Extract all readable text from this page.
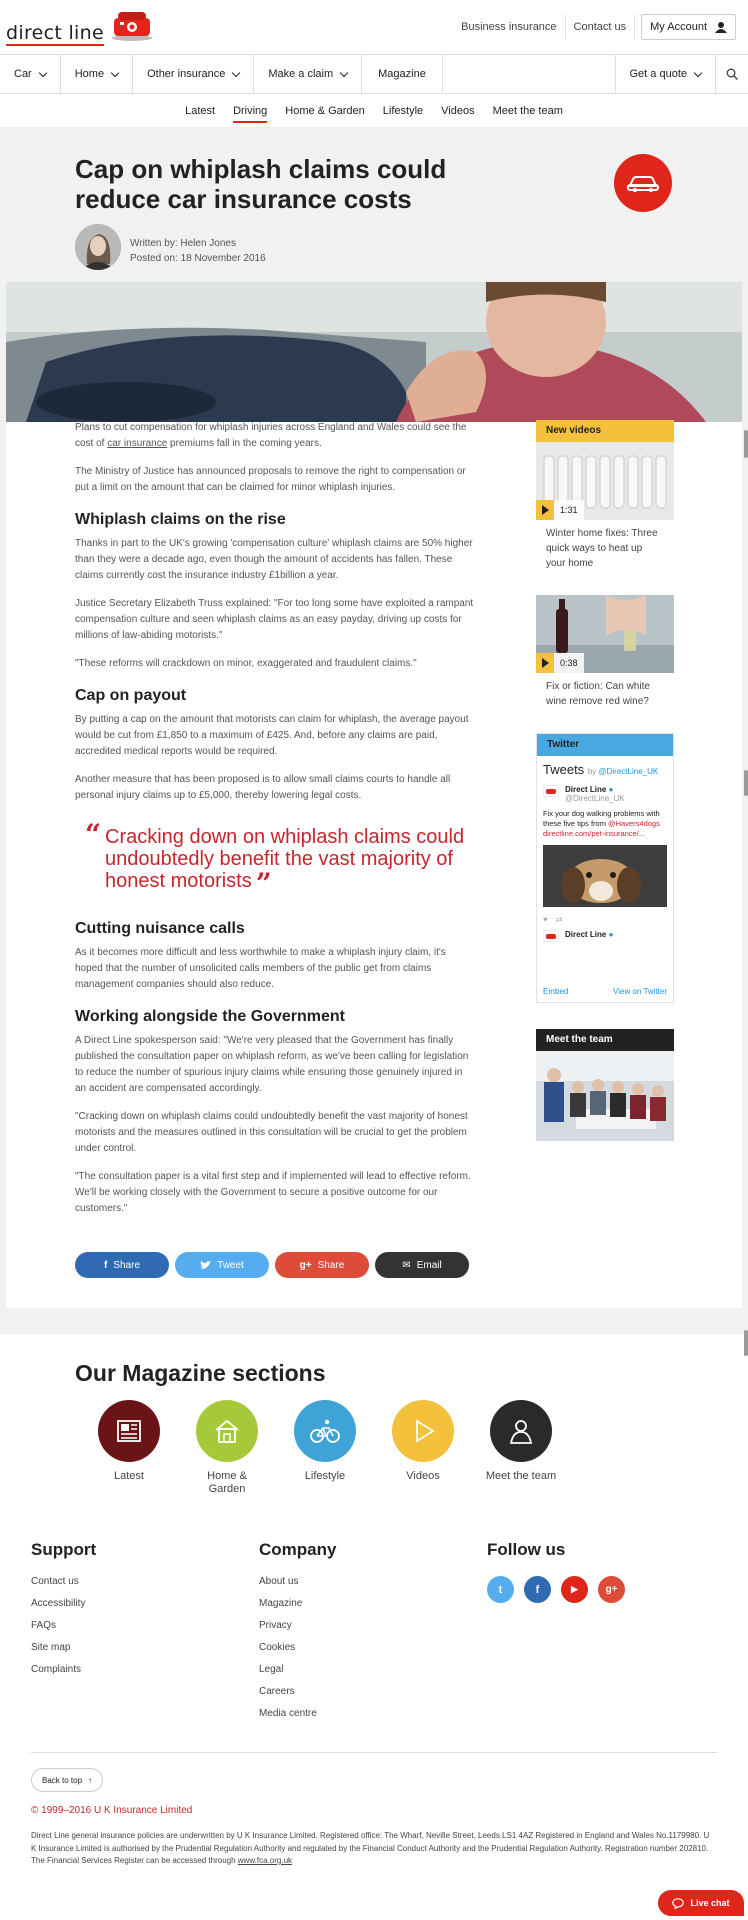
direct line	Business insurance	Contact us	My Account
Car	Home	Other insurance	Make a claim	Magazine	Get a quote
Latest Driving Home & Garden Lifestyle Videos Meet the team
Cap on whiplash claims could reduce car insurance costs
Written by: Helen Jones
Posted on: 18 November 2016

Plans to cut compensation for whiplash injuries across England and Wales could see the cost of car insurance premiums fall in the coming years.

The Ministry of Justice has announced proposals to remove the right to compensation or put a limit on the amount that can be claimed for minor whiplash injuries.

Whiplash claims on the rise

Thanks in part to the UK's growing 'compensation culture' whiplash claims are 50% higher than they were a decade ago, even though the amount of accidents has fallen. These claims currently cost the insurance industry £1billion a year.

Justice Secretary Elizabeth Truss explained: "For too long some have exploited a rampant compensation culture and seen whiplash claims as an easy payday, driving up costs for millions of law-abiding motorists."

"These reforms will crackdown on minor, exaggerated and fraudulent claims."

Cap on payout

By putting a cap on the amount that motorists can claim for whiplash, the average payout would be cut from £1,850 to a maximum of £425. And, before any claims are paid, accredited medical reports would be required.

Another measure that has been proposed is to allow small claims courts to handle all personal injury claims up to £5,000, thereby lowering legal costs.

“ Cracking down on whiplash claims could undoubtedly benefit the vast majority of honest motorists ”
Cutting nuisance calls

As it becomes more difficult and less worthwhile to make a whiplash injury claim, it's hoped that the number of unsolicited calls members of the public get from claims management companies should also reduce.

Working alongside the Government

A Direct Line spokesperson said: "We're very pleased that the Government has finally published the consultation paper on whiplash reform, as we've been calling for legislation to reduce the number of spurious injury claims while ensuring those genuinely injured in an accident are compensated accordingly.

"Cracking down on whiplash claims could undoubtedly benefit the vast majority of honest motorists and the measures outlined in this consultation will be crucial to get the problem under control.

"The consultation paper is a vital first step and if implemented will lead to effective reform. We'll be working closely with the Government to secure a positive outcome for our customers."

f Share	Tweet	g+ Share	✉ Email
New videos
1:31
Winter home fixes: Three quick ways to heat up your home
0:38
Fix or fiction: Can white wine remove red wine?
Twitter
Tweets by @DirectLine_UK
Direct Line ●
@DirectLine_UK
Fix your dog walking problems with these five tips from @Havers4dogs
directline.com/pet-insurance/...
♥ ⇄
Direct Line ●
Embed	View on Twitter
Meet the team
Our Magazine sections
Latest	Home & Garden
Lifestyle	Videos	Meet the team
Support
Contact us
Accessibility
FAQs
Site map
Complaints
Company
About us
Magazine
Privacy
Cookies
Legal
Careers
Media centre
Follow us
t	f	▶	g+
Back to top ↑
© 1999–2016 U K Insurance Limited
Direct Line general insurance policies are underwritten by U K Insurance Limited. Registered office: The Wharf, Neville Street, Leeds LS1 4AZ Registered in England and Wales No.1179980. U K Insurance Limited is authorised by the Prudential Regulation Authority and regulated by the Financial Conduct Authority and the Prudential Regulation Authority. Registration number 202810. The Financial Services Register can be accessed through www.fca.org.uk
Live chat
